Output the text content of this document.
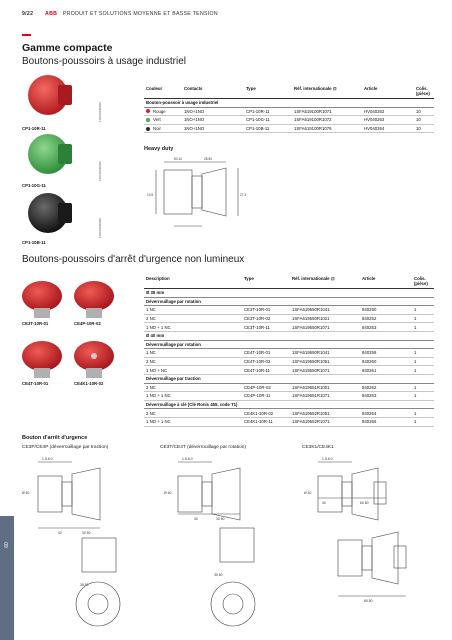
9/22 ABB PRODUIT ET SOLUTIONS MOYENNE ET BASSE TENSION
Gamme compacte
Boutons-poussoirs à usage industriel
CP1-10R-11
CP1-10G-11
CP1-10B-11
1SFC08400R0
1SFC08400R0
1SFC08400R0
Couleur	Contacts	Type	Réf. internationale @	Article	Colis. (pièce)
Bouton-poussoir à usage industriel					
Rouge	1NO+1NO	CP1-10R-11	1SFA619100R1071	HV040262	10
Vert	1NO+1NO	CP1-10G-11	1SFA619100R1072	HV040263	10
Noir	1NO+1NO	CP1-10B-11	1SFA619100R1076	HV040264	10
Heavy duty
50.10	28.50
10.5	27.3
Boutons-poussoirs d'arrêt d'urgence non lumineux
CE3T-10R-01	CE4P-10R-02
CE4T-10R-01	CE4K1-10R-02
Description	Type	Réf. internationale @	Article	Colis. (pièce)
Ø 35 mm				
Déverrouillage par rotation				
1 NC	CE3T-10R-01	1SFA619550R1041	840250	1
2 NC	CE3T-10R-02	1SFA619550R1021	840252	1
1 NO + 1 NC	CE3T-10R-11	1SFA619550R1071	840253	1
Ø 40 mm				
Déverrouillage par rotation				
1 NC	CE4T-10R-01	1SFA619550R1041	840258	1
2 NC	CE4T-10R-02	1SFA619550R1061	840260	1
1 NO + NC	CE4T-10R-11	1SFA619550R1071	840261	1
Déverrouillage par traction				
2 NC	CE4P-10R-02	1SFA619551R1001	840262	1
1 NO + 1 NC	CE4P-10R-11	1SFA619551R1071	840263	1
Déverrouillage à clé (Clé Ronis 455, code T1)				
2 NC	CE4K1-10R-02	1SFA619552R1051	840264	1
1 NO + 1 NC	CE4K1-10R-11	1SFA619552R1071	840265	1
Bouton d'arrêt d'urgence
CE3P/CE4P (déverrouillage par traction)	CE3T/CE4T (déverrouillage par rotation)	CE3K1/CE4K1
1.5-6.0
42	30.50
38.50
Ø 40
1.5-6.0
40	30.50
Ø 40
30.50
1.5-6.0
40	60.50
Ø 40
60.50
60
